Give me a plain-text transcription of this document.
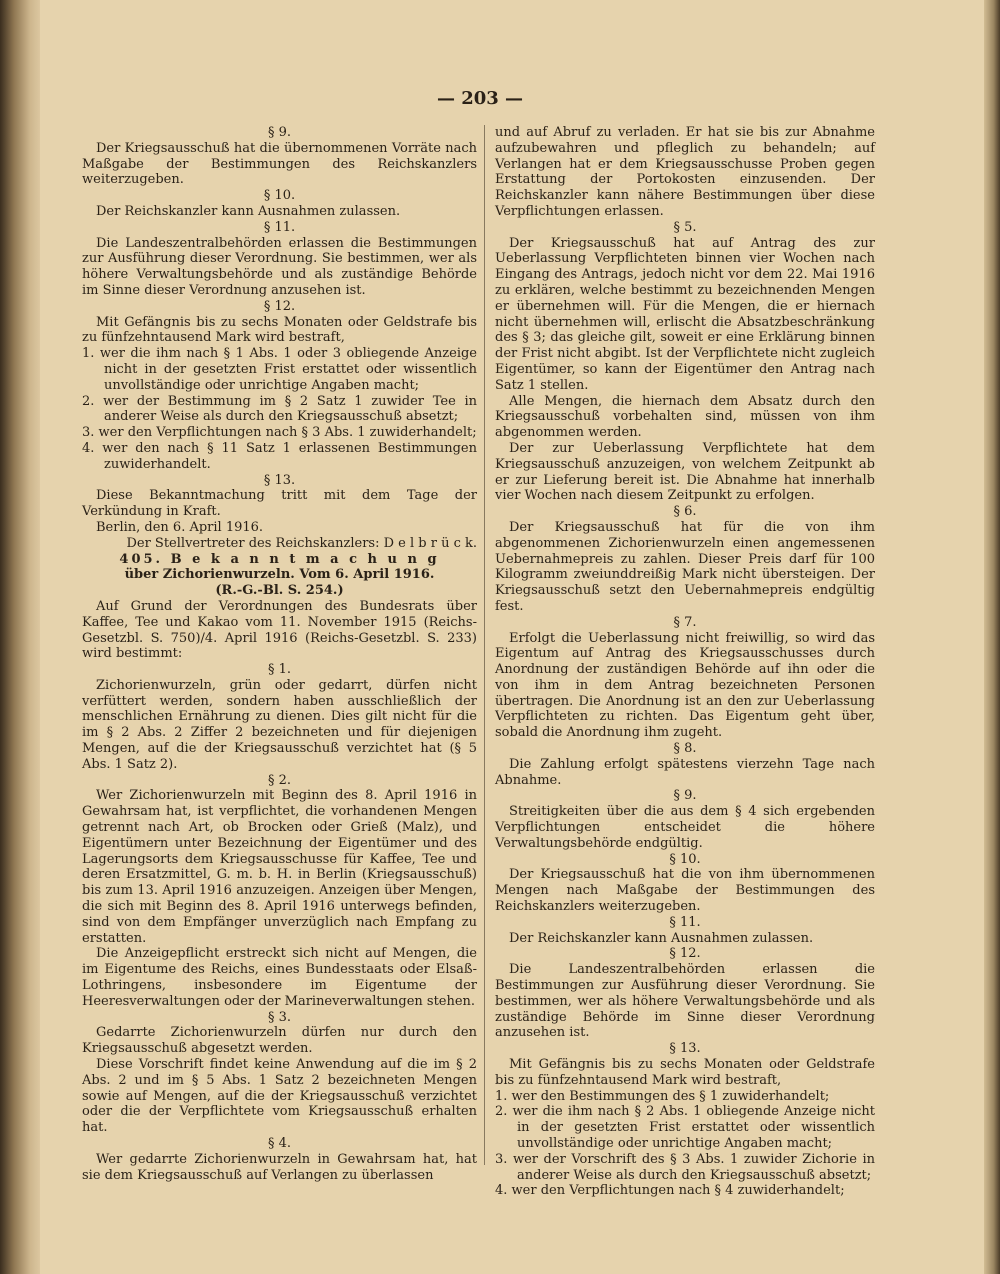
— 203 —

§ 9.

Der Kriegsausschuß hat die übernommenen Vorräte nach Maßgabe der Bestimmungen des Reichskanzlers weiterzugeben.

§ 10.

Der Reichskanzler kann Ausnahmen zulassen.

§ 11.

Die Landeszentralbehörden erlassen die Bestimmungen zur Ausführung dieser Verordnung. Sie bestimmen, wer als höhere Verwaltungsbehörde und als zuständige Behörde im Sinne dieser Verordnung anzusehen ist.

§ 12.

Mit Gefängnis bis zu sechs Monaten oder Geldstrafe bis zu fünfzehntausend Mark wird bestraft,

1. wer die ihm nach § 1 Abs. 1 oder 3 obliegende Anzeige nicht in der gesetzten Frist erstattet oder wissentlich unvollständige oder unrichtige Angaben macht;

2. wer der Bestimmung im § 2 Satz 1 zuwider Tee in anderer Weise als durch den Kriegsausschuß absetzt;

3. wer den Verpflichtungen nach § 3 Abs. 1 zuwiderhandelt;

4. wer den nach § 11 Satz 1 erlassenen Bestimmungen zuwiderhandelt.

§ 13.

Diese Bekanntmachung tritt mit dem Tage der Verkündung in Kraft.

Berlin, den 6. April 1916.

Der Stellvertreter des Reichskanzlers: D e l b r ü c k.

405. B e k a n n t m a c h u n g

über Zichorienwurzeln. Vom 6. April 1916.

(R.-G.-Bl. S. 254.)

Auf Grund der Verordnungen des Bundesrats über Kaffee, Tee und Kakao vom 11. November 1915 (Reichs-Gesetzbl. S. 750)/4. April 1916 (Reichs-Gesetzbl. S. 233) wird bestimmt:

§ 1.

Zichorienwurzeln, grün oder gedarrt, dürfen nicht verfüttert werden, sondern haben ausschließlich der menschlichen Ernährung zu dienen. Dies gilt nicht für die im § 2 Abs. 2 Ziffer 2 bezeichneten und für diejenigen Mengen, auf die der Kriegsausschuß verzichtet hat (§ 5 Abs. 1 Satz 2).

§ 2.

Wer Zichorienwurzeln mit Beginn des 8. April 1916 in Gewahrsam hat, ist verpflichtet, die vorhandenen Mengen getrennt nach Art, ob Brocken oder Grieß (Malz), und Eigentümern unter Bezeichnung der Eigentümer und des Lagerungsorts dem Kriegsausschusse für Kaffee, Tee und deren Ersatzmittel, G. m. b. H. in Berlin (Kriegsausschuß) bis zum 13. April 1916 anzuzeigen. Anzeigen über Mengen, die sich mit Beginn des 8. April 1916 unterwegs befinden, sind von dem Empfänger unverzüglich nach Empfang zu erstatten.

Die Anzeigepflicht erstreckt sich nicht auf Mengen, die im Eigentume des Reichs, eines Bundesstaats oder Elsaß-Lothringens, insbesondere im Eigentume der Heeresverwaltungen oder der Marineverwaltungen stehen.

§ 3.

Gedarrte Zichorienwurzeln dürfen nur durch den Kriegsausschuß abgesetzt werden.

Diese Vorschrift findet keine Anwendung auf die im § 2 Abs. 2 und im § 5 Abs. 1 Satz 2 bezeichneten Mengen sowie auf Mengen, auf die der Kriegsausschuß verzichtet oder die der Verpflichtete vom Kriegsausschuß erhalten hat.

§ 4.

Wer gedarrte Zichorienwurzeln in Gewahrsam hat, hat sie dem Kriegsausschuß auf Verlangen zu überlassen

und auf Abruf zu verladen. Er hat sie bis zur Abnahme aufzubewahren und pfleglich zu behandeln; auf Verlangen hat er dem Kriegsausschusse Proben gegen Erstattung der Portokosten einzusenden. Der Reichskanzler kann nähere Bestimmungen über diese Verpflichtungen erlassen.

§ 5.

Der Kriegsausschuß hat auf Antrag des zur Ueberlassung Verpflichteten binnen vier Wochen nach Eingang des Antrags, jedoch nicht vor dem 22. Mai 1916 zu erklären, welche bestimmt zu bezeichnenden Mengen er übernehmen will. Für die Mengen, die er hiernach nicht übernehmen will, erlischt die Absatzbeschränkung des § 3; das gleiche gilt, soweit er eine Erklärung binnen der Frist nicht abgibt. Ist der Verpflichtete nicht zugleich Eigentümer, so kann der Eigentümer den Antrag nach Satz 1 stellen.

Alle Mengen, die hiernach dem Absatz durch den Kriegsausschuß vorbehalten sind, müssen von ihm abgenommen werden.

Der zur Ueberlassung Verpflichtete hat dem Kriegsausschuß anzuzeigen, von welchem Zeitpunkt ab er zur Lieferung bereit ist. Die Abnahme hat innerhalb vier Wochen nach diesem Zeitpunkt zu erfolgen.

§ 6.

Der Kriegsausschuß hat für die von ihm abgenommenen Zichorienwurzeln einen angemessenen Uebernahmepreis zu zahlen. Dieser Preis darf für 100 Kilogramm zweiunddreißig Mark nicht übersteigen. Der Kriegsausschuß setzt den Uebernahmepreis endgültig fest.

§ 7.

Erfolgt die Ueberlassung nicht freiwillig, so wird das Eigentum auf Antrag des Kriegsausschusses durch Anordnung der zuständigen Behörde auf ihn oder die von ihm in dem Antrag bezeichneten Personen übertragen. Die Anordnung ist an den zur Ueberlassung Verpflichteten zu richten. Das Eigentum geht über, sobald die Anordnung ihm zugeht.

§ 8.

Die Zahlung erfolgt spätestens vierzehn Tage nach Abnahme.

§ 9.

Streitigkeiten über die aus dem § 4 sich ergebenden Verpflichtungen entscheidet die höhere Verwaltungsbehörde endgültig.

§ 10.

Der Kriegsausschuß hat die von ihm übernommenen Mengen nach Maßgabe der Bestimmungen des Reichskanzlers weiterzugeben.

§ 11.

Der Reichskanzler kann Ausnahmen zulassen.

§ 12.

Die Landeszentralbehörden erlassen die Bestimmungen zur Ausführung dieser Verordnung. Sie bestimmen, wer als höhere Verwaltungsbehörde und als zuständige Behörde im Sinne dieser Verordnung anzusehen ist.

§ 13.

Mit Gefängnis bis zu sechs Monaten oder Geldstrafe bis zu fünfzehntausend Mark wird bestraft,

1. wer den Bestimmungen des § 1 zuwiderhandelt;

2. wer die ihm nach § 2 Abs. 1 obliegende Anzeige nicht in der gesetzten Frist erstattet oder wissentlich unvollständige oder unrichtige Angaben macht;

3. wer der Vorschrift des § 3 Abs. 1 zuwider Zichorie in anderer Weise als durch den Kriegsausschuß absetzt;

4. wer den Verpflichtungen nach § 4 zuwiderhandelt;
